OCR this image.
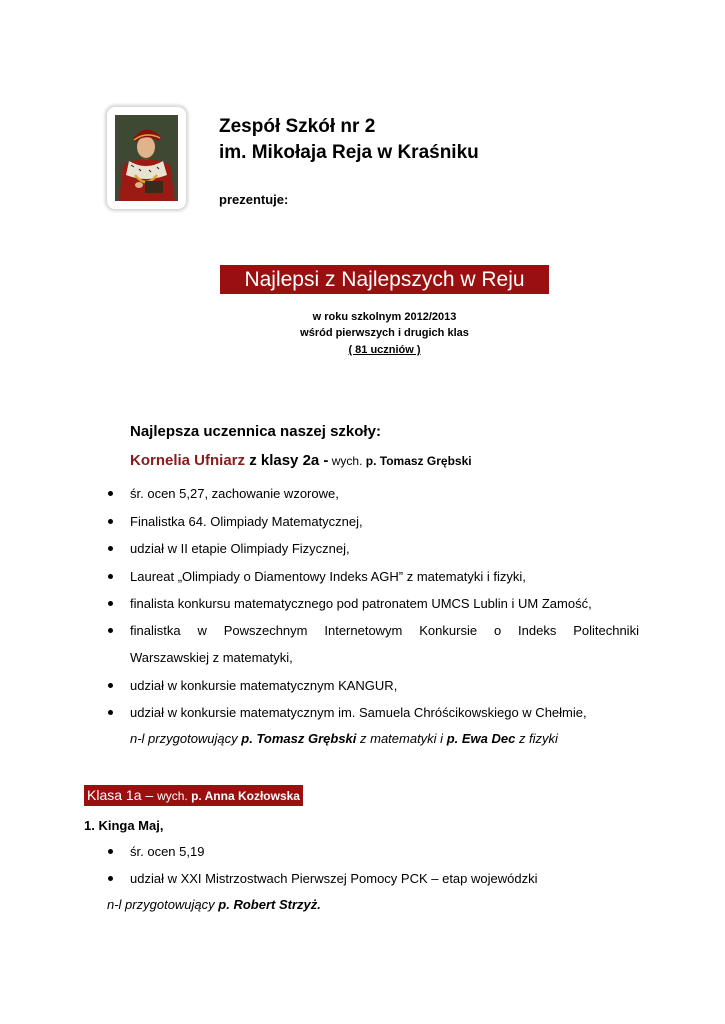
Zespół Szkół nr 2
im. Mikołaja Reja w Kraśniku
prezentuje:
Najlepsi z Najlepszych w Reju
w roku szkolnym 2012/2013
wśród pierwszych i drugich klas
( 81 uczniów )
Najlepsza uczennica naszej szkoły:
Kornelia Ufniarz z klasy 2a - wych. p. Tomasz Grębski
śr. ocen 5,27, zachowanie wzorowe,
Finalistka 64. Olimpiady Matematycznej,
udział w II etapie Olimpiady Fizycznej,
Laureat „Olimpiady o Diamentowy Indeks AGH” z matematyki i fizyki,
finalista konkursu matematycznego pod patronatem UMCS Lublin i UM Zamość,
finalistka w Powszechnym Internetowym Konkursie o Indeks Politechniki
Warszawskiej z matematyki,
udział w konkursie matematycznym KANGUR,
udział w konkursie matematycznym im. Samuela Chróścikowskiego w Chełmie,
n-l przygotowujący p. Tomasz Grębski z matematyki i p. Ewa Dec z fizyki
Klasa 1a – wych. p. Anna Kozłowska
1. Kinga Maj,
śr. ocen 5,19
udział w XXI Mistrzostwach Pierwszej Pomocy PCK – etap wojewódzki
n-l przygotowujący p. Robert Strzyż.
